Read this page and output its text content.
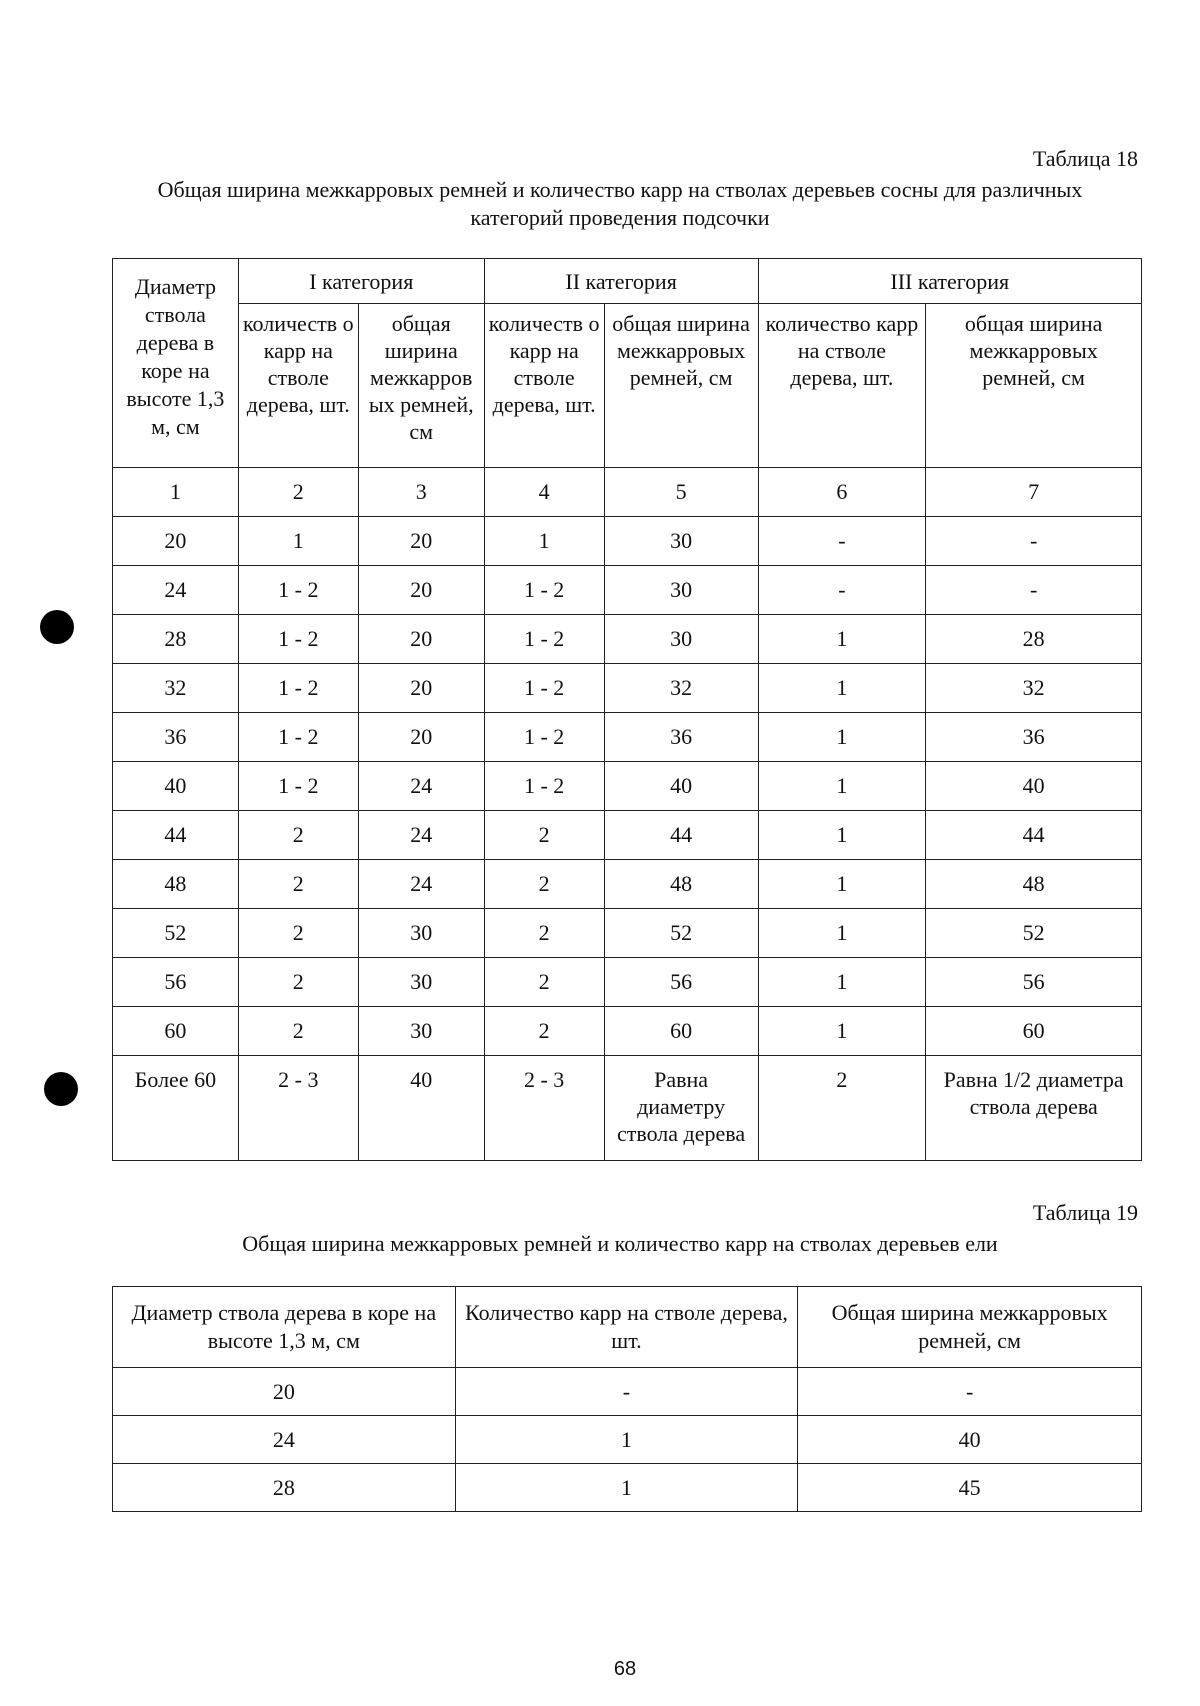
Таблица 18
Общая ширина межкарровых ремней и количество карр на стволах деревьев сосны для различных
категорий проведения подсочки
Диаметр ствола дерева в коре на высоте 1,3 м, см	I категория		II категория		III категория	
	количеств о карр на стволе дерева, шт.	общая ширина межкарров ых ремней, см	количеств о карр на стволе дерева, шт.	общая ширина межкарровых ремней, см	количество карр на стволе дерева, шт.	общая ширина межкарровых ремней, см
1	2	3	4	5	6	7
20	1	20	1	30	-	-
24	1 - 2	20	1 - 2	30	-	-
28	1 - 2	20	1 - 2	30	1	28
32	1 - 2	20	1 - 2	32	1	32
36	1 - 2	20	1 - 2	36	1	36
40	1 - 2	24	1 - 2	40	1	40
44	2	24	2	44	1	44
48	2	24	2	48	1	48
52	2	30	2	52	1	52
56	2	30	2	56	1	56
60	2	30	2	60	1	60
Более 60	2 - 3	40	2 - 3	Равна диаметру ствола дерева	2	Равна 1/2 диаметра ствола дерева
Таблица 19
Общая ширина межкарровых ремней и количество карр на стволах деревьев ели
Диаметр ствола дерева в коре на высоте 1,3 м, см	Количество карр на стволе дерева, шт.	Общая ширина межкарровых ремней, см
20	-	-
24	1	40
28	1	45
68
